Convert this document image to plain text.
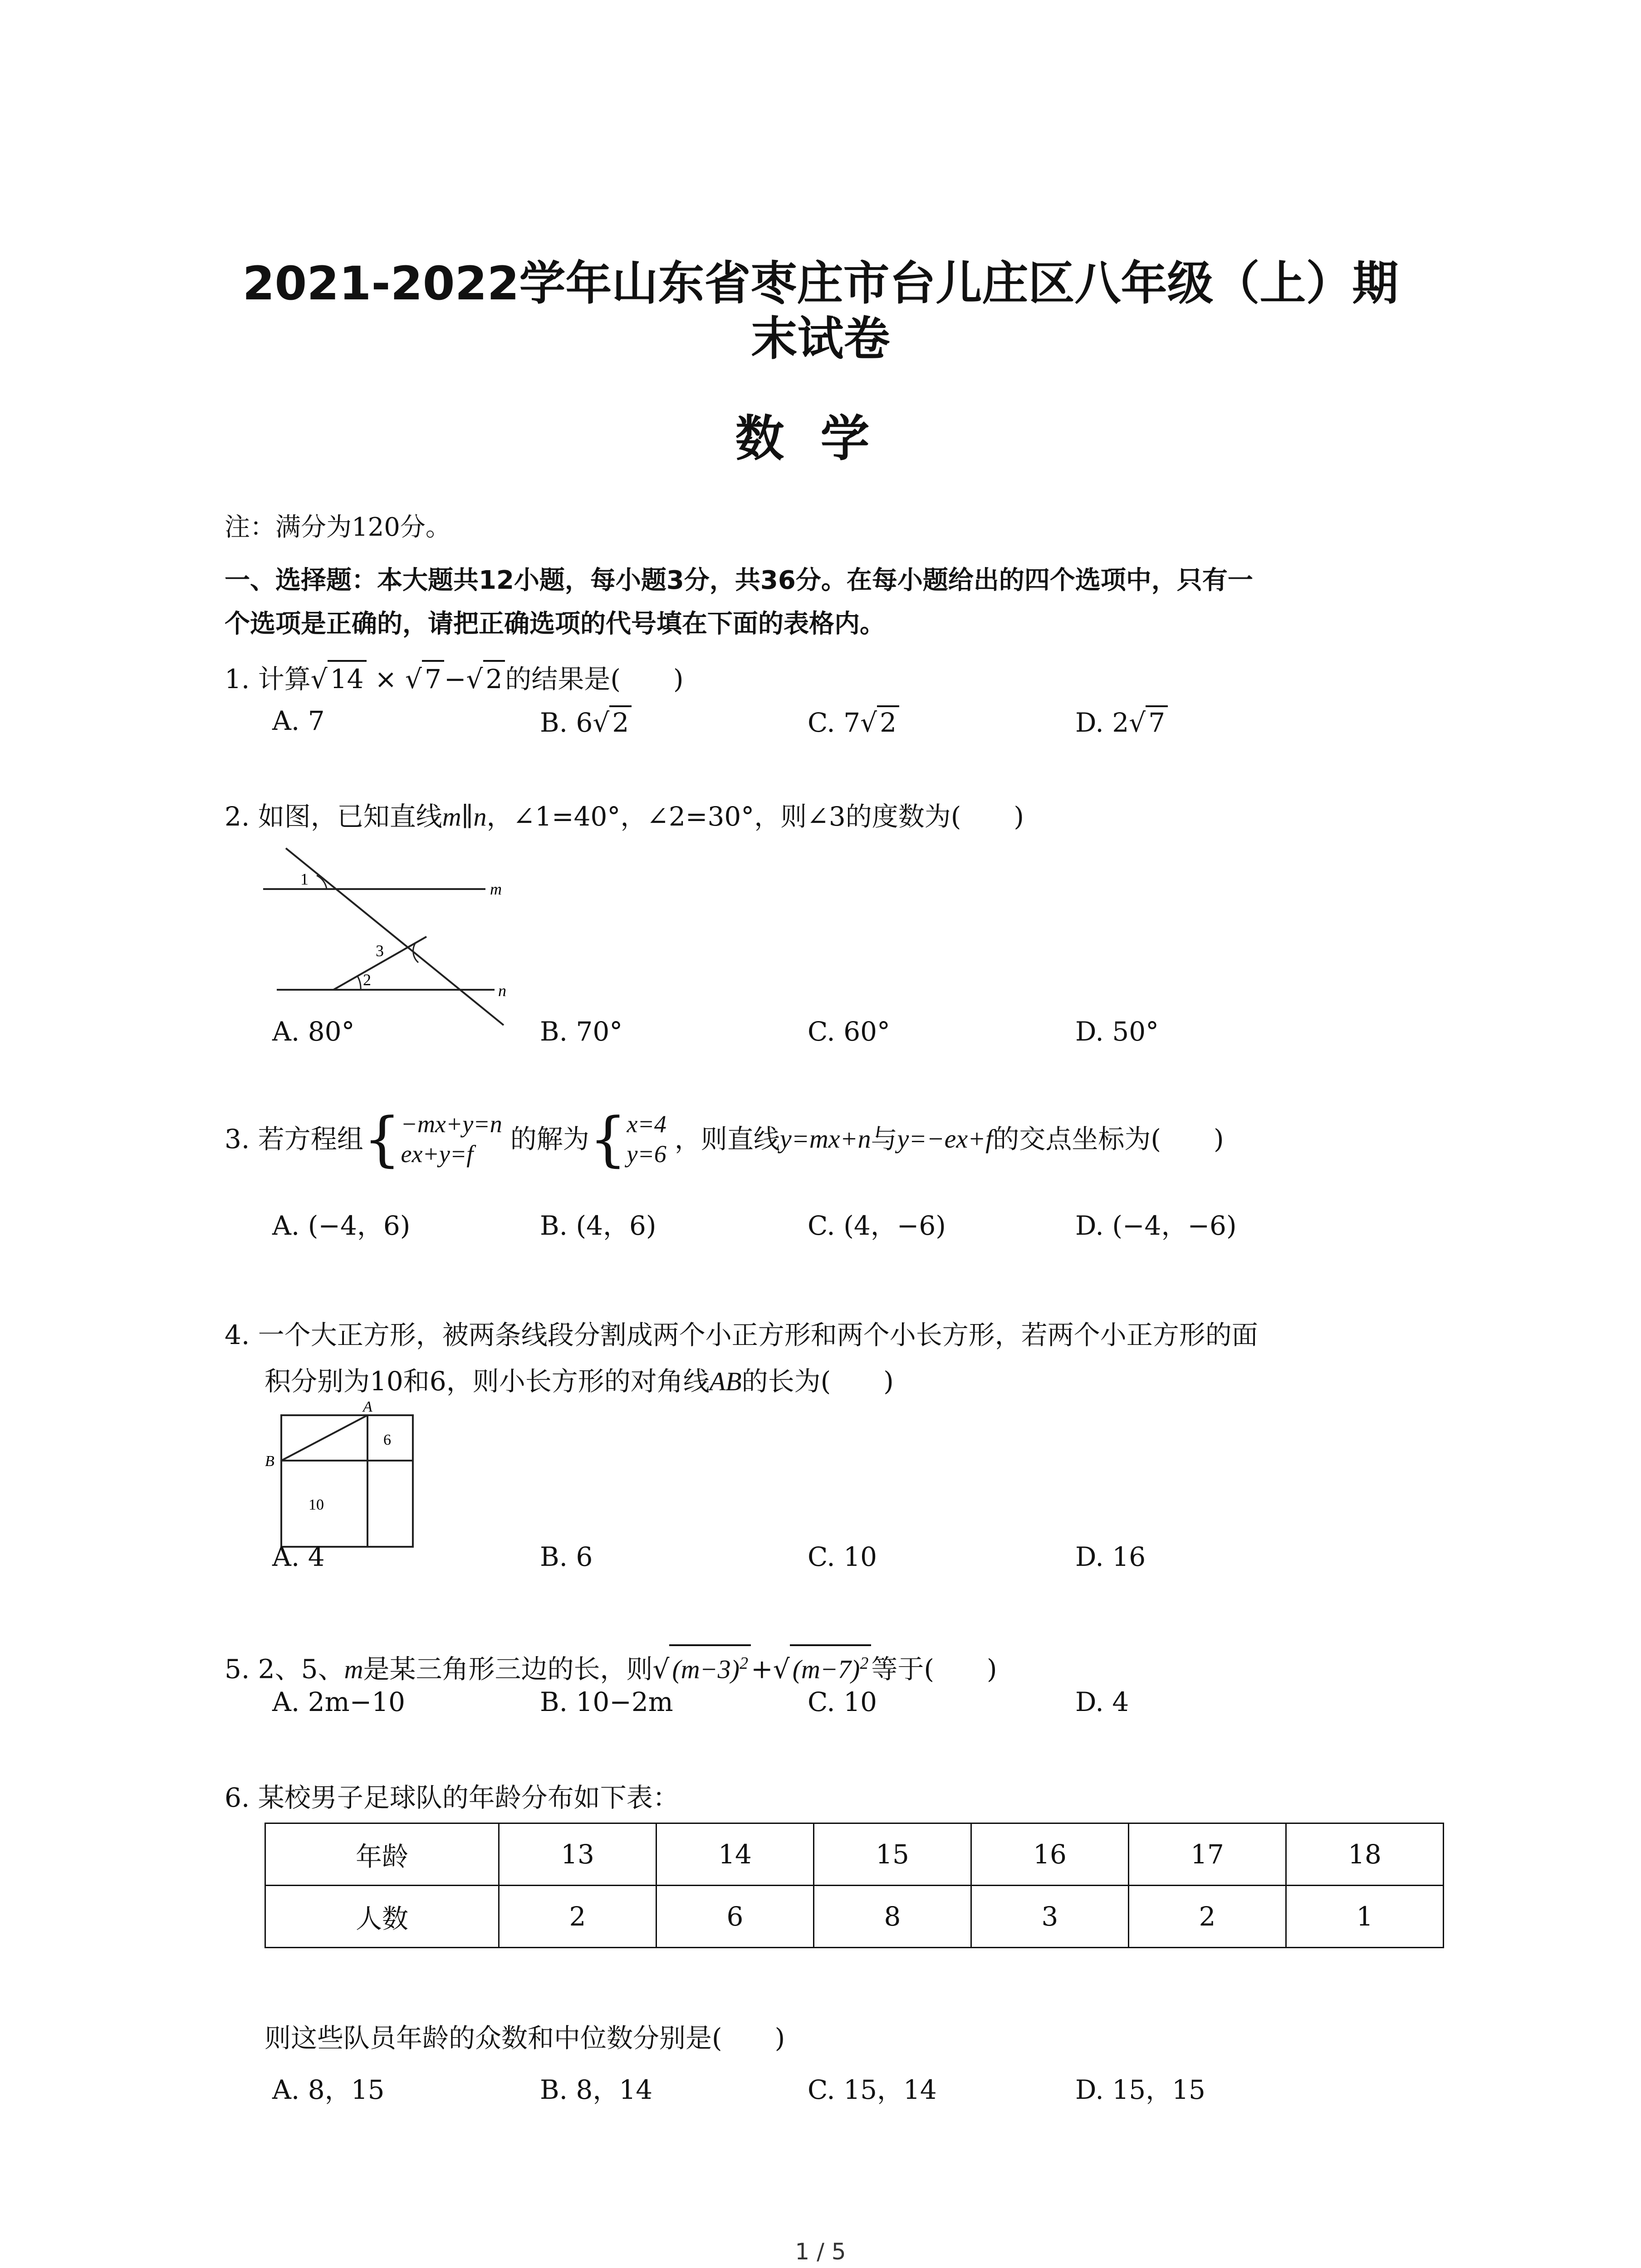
2021-2022学年山东省枣庄市台儿庄区八年级（上）期
末试卷
数学
注：满分为120分。
一、选择题：本大题共12小题，每小题3分，共36分。在每小题给出的四个选项中，只有一
个选项是正确的，请把正确选项的代号填在下面的表格内。
1. 计算√ 14 × √ 7 −√ 2 的结果是(　　)
A. 7	B. 6√ 2	C. 7√ 2	D. 2√ 7
2. 如图，已知直线m∥n，∠1=40°，∠2=30°，则∠3的度数为(　　)
1
3
2
m
n
A. 80°	B. 70°	C. 60°	D. 50°
3. 若方程组{ −mx+y=n
ex+y=f	的解为{ x=4
y=6 ，则直线y=mx+n与y=−ex+f的交点坐标为(　　)
A. (−4，6)	B. (4，6)	C. (4，−6)	D. (−4，−6)
4. 一个大正方形，被两条线段分割成两个小正方形和两个小长方形，若两个小正方形的面
积分别为10和6，则小长方形的对角线AB的长为(　　)
A
B
6
10
A. 4	B. 6	C. 10	D. 16
5. 2、5、m是某三角形三边的长，则√ $(m-3)^2$ +√ $(m-7)^2$ 等于(　　)
A. 2m−10	B. 10−2m	C. 10	D. 4
6. 某校男子足球队的年龄分布如下表：
年龄	13	14	15	16	17	18
人数	2	6	8	3	2	1
则这些队员年龄的众数和中位数分别是(　　)
A. 8，15	B. 8，14	C. 15，14	D. 15，15
1 / 5
